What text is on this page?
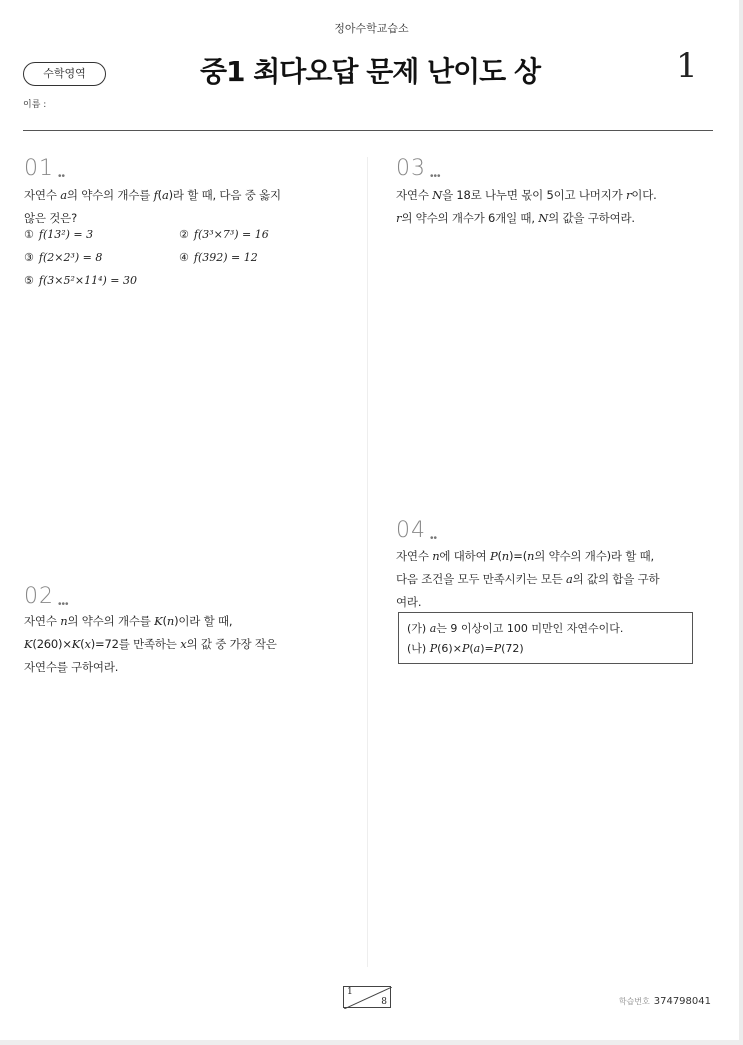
정아수학교습소
수학영역	중1 최다오답 문제 난이도 상	1
이름 :
01 ••
자연수 a의 약수의 개수를 f(a)라 할 때, 다음 중 옳지
않은 것은?
① f(13²) = 3	② f(3³×7³) = 16
③ f(2×2³) = 8	④ f(392) = 12
⑤ f(3×5²×11⁴) = 30
02 •••
자연수 n의 약수의 개수를 K(n)이라 할 때,
K(260)×K(x)=72를 만족하는 x의 값 중 가장 작은
자연수를 구하여라.
03 •••
자연수 N을 18로 나누면 몫이 5이고 나머지가 r이다.
r의 약수의 개수가 6개일 때, N의 값을 구하여라.
04 ••
자연수 n에 대하여 P(n)=(n의 약수의 개수)라 할 때,
다음 조건을 모두 만족시키는 모든 a의 값의 합을 구하
여라.
(가) a는 9 이상이고 100 미만인 자연수이다.
(나) P(6)×P(a)=P(72)
1
8	학습번호 374798041
